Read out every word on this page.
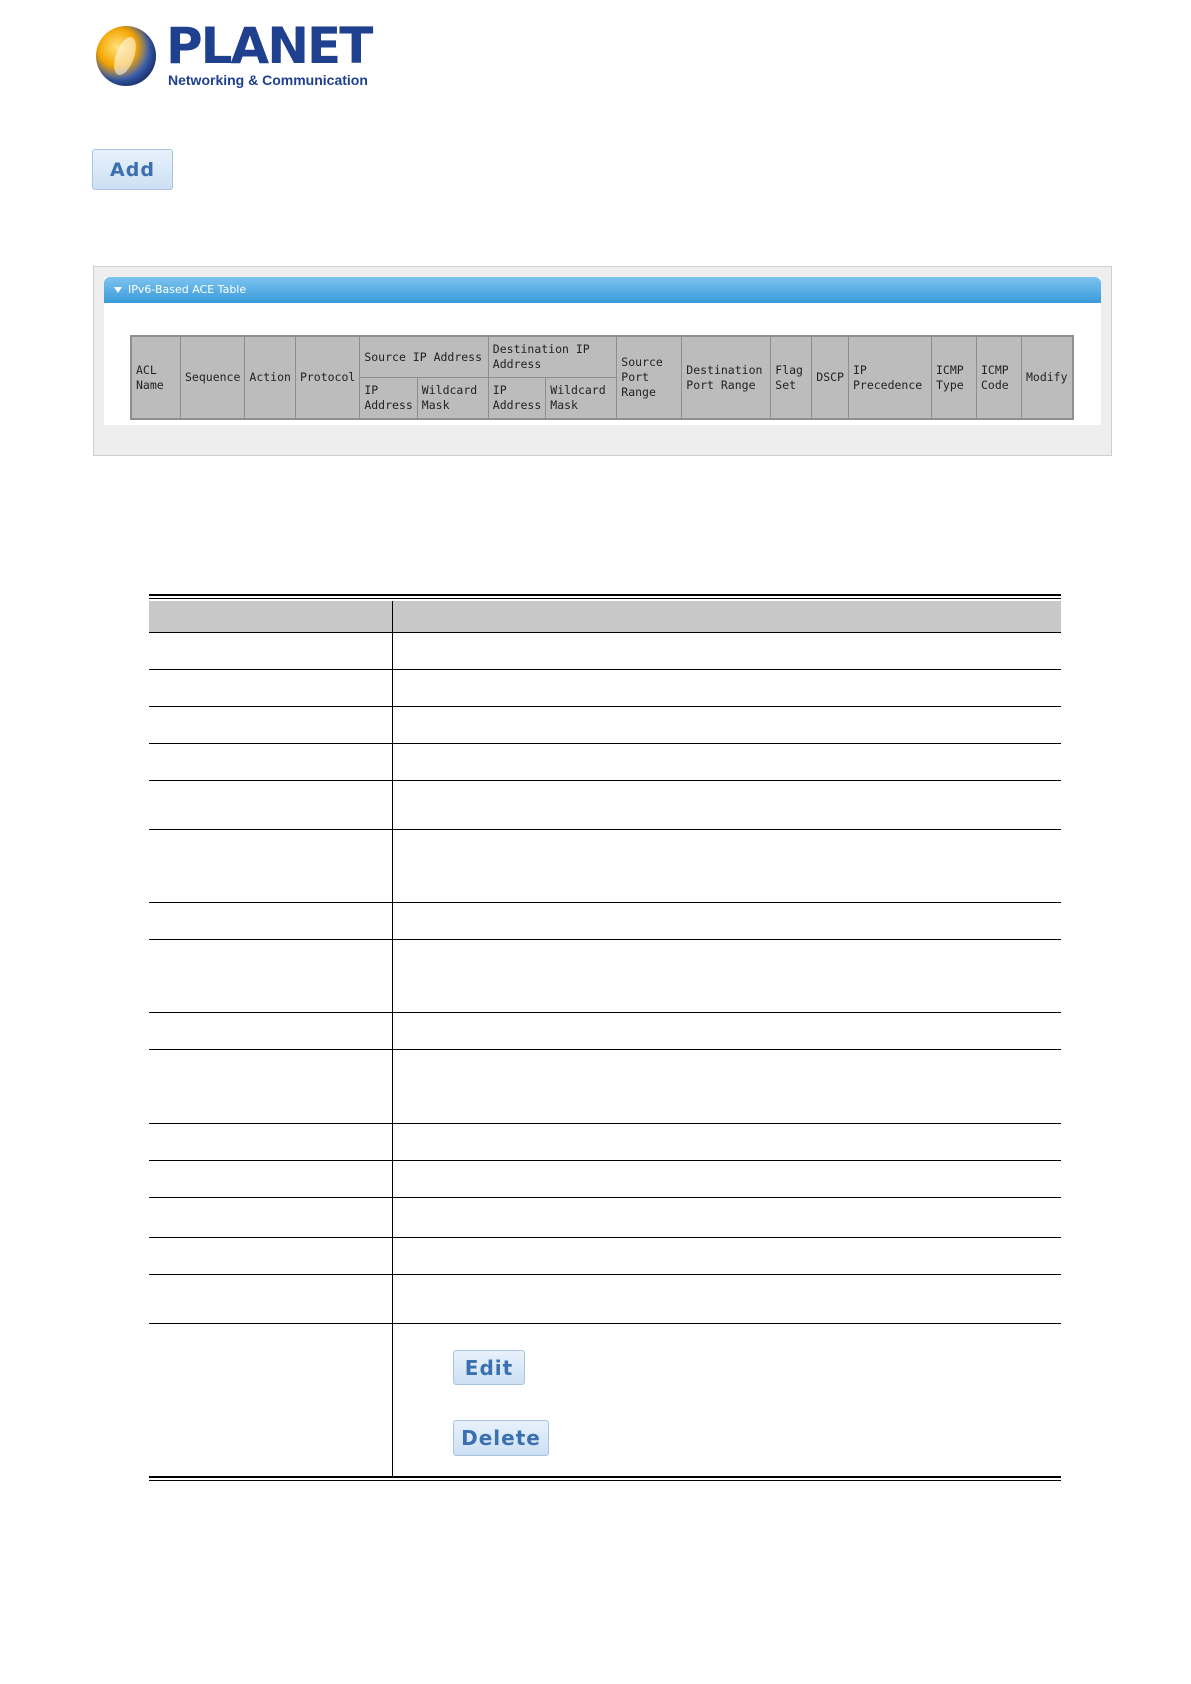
PLANET
Networking & Communication
Add
IPv6-Based ACE Table
ACL Name	Sequence	Action	Protocol	Source IP Address		Destination IP Address		Source Port Range	Destination Port Range	Flag Set	DSCP	IP Precedence	ICMP Type	ICMP Code	Modify
				IP Address	Wildcard Mask	IP Address	Wildcard Mask								
Edit
Delete
